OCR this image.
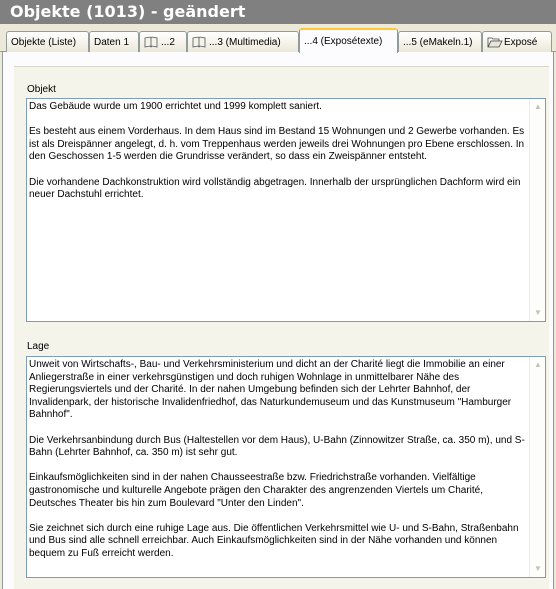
Objekte (1013) - geändert
Objekte (Liste) Daten 1	...2	...3 (Multimedia) ...4 (Exposétexte) ...5 (eMakeln.1)	Exposé
Objekt

Das Gebäude wurde um 1900 errichtet und 1999 komplett saniert.

Es besteht aus einem Vorderhaus. In dem Haus sind im Bestand 15 Wohnungen und 2 Gewerbe vorhanden. Es ist als Dreispänner angelegt, d. h. vom Treppenhaus werden jeweils drei Wohnungen pro Ebene erschlossen. In den Geschossen 1-5 werden die Grundrisse verändert, so dass ein Zweispänner entsteht.

Die vorhandene Dachkonstruktion wird vollständig abgetragen. Innerhalb der ursprünglichen Dachform wird ein neuer Dachstuhl errichtet.

▲
▼
Lage

Unweit von Wirtschafts-, Bau- und Verkehrsministerium und dicht an der Charité liegt die Immobilie an einer Anliegerstraße in einer verkehrsgünstigen und doch ruhigen Wohnlage in unmittelbarer Nähe des Regierungsviertels und der Charité. In der nahen Umgebung befinden sich der Lehrter Bahnhof, der Invalidenpark, der historische Invalidenfriedhof, das Naturkundemuseum und das Kunstmuseum "Hamburger Bahnhof".

Die Verkehrsanbindung durch Bus (Haltestellen vor dem Haus), U-Bahn (Zinnowitzer Straße, ca. 350 m), und S-Bahn (Lehrter Bahnhof, ca. 350 m) ist sehr gut.

Einkaufsmöglichkeiten sind in der nahen Chausseestraße bzw. Friedrichstraße vorhanden. Vielfältige gastronomische und kulturelle Angebote prägen den Charakter des angrenzenden Viertels um Charité, Deutsches Theater bis hin zum Boulevard "Unter den Linden".

Sie zeichnet sich durch eine ruhige Lage aus. Die öffentlichen Verkehrsmittel wie U- und S-Bahn, Straßenbahn und Bus sind alle schnell erreichbar. Auch Einkaufsmöglichkeiten sind in der Nähe vorhanden und können bequem zu Fuß erreicht werden.

▲
▼
